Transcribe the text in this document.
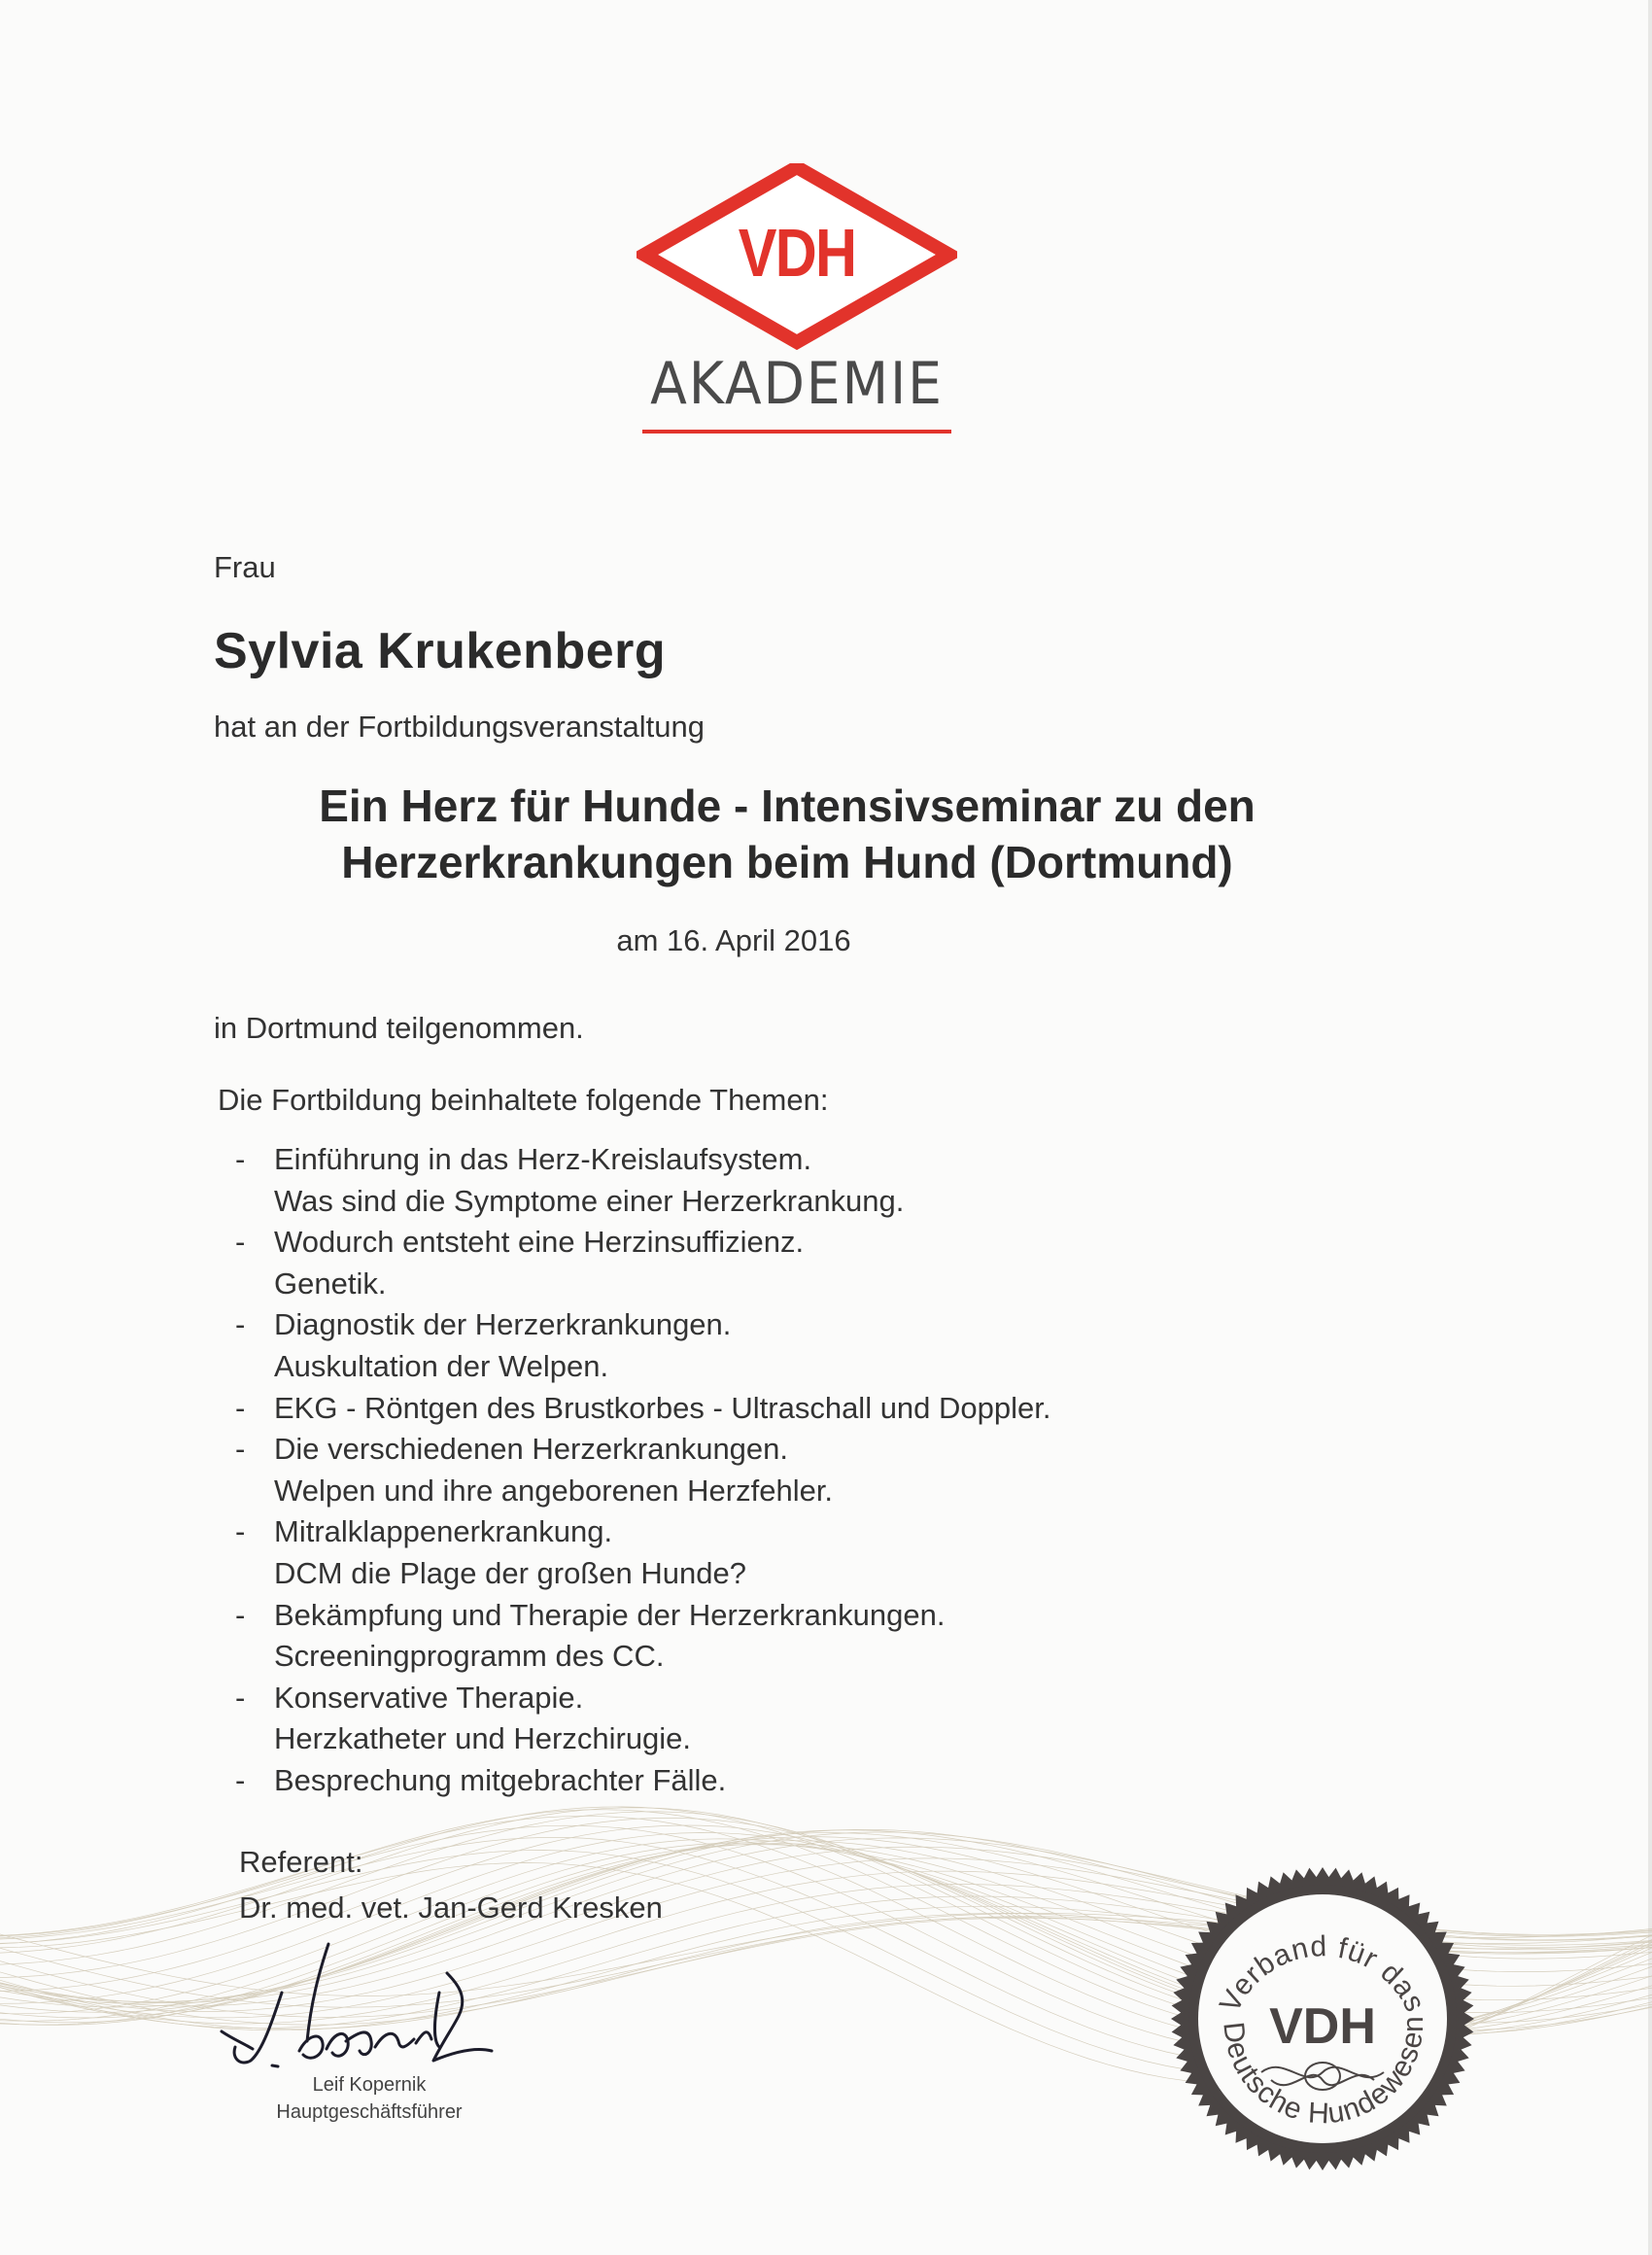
VDH
AKADEMIE
Frau
Sylvia Krukenberg
hat an der Fortbildungsveranstaltung
Ein Herz für Hunde - Intensivseminar zu den Herzerkrankungen beim Hund (Dortmund)
am 16. April 2016
in Dortmund teilgenommen.
Die Fortbildung beinhaltete folgende Themen:
- Einführung in das Herz-Kreislaufsystem.
Was sind die Symptome einer Herzerkrankung.
- Wodurch entsteht eine Herzinsuffizienz.
Genetik.
- Diagnostik der Herzerkrankungen.
Auskultation der Welpen.
- EKG - Röntgen des Brustkorbes - Ultraschall und Doppler.
- Die verschiedenen Herzerkrankungen.
Welpen und ihre angeborenen Herzfehler.
- Mitralklappenerkrankung.
DCM die Plage der großen Hunde?
- Bekämpfung und Therapie der Herzerkrankungen.
Screeningprogramm des CC.
- Konservative Therapie.
Herzkatheter und Herzchirugie.
- Besprechung mitgebrachter Fälle.
Referent:
Dr. med. vet. Jan-Gerd Kresken
Leif Kopernik
Hauptgeschäftsführer
Verband für das
Deutsche Hundewesen
VDH
